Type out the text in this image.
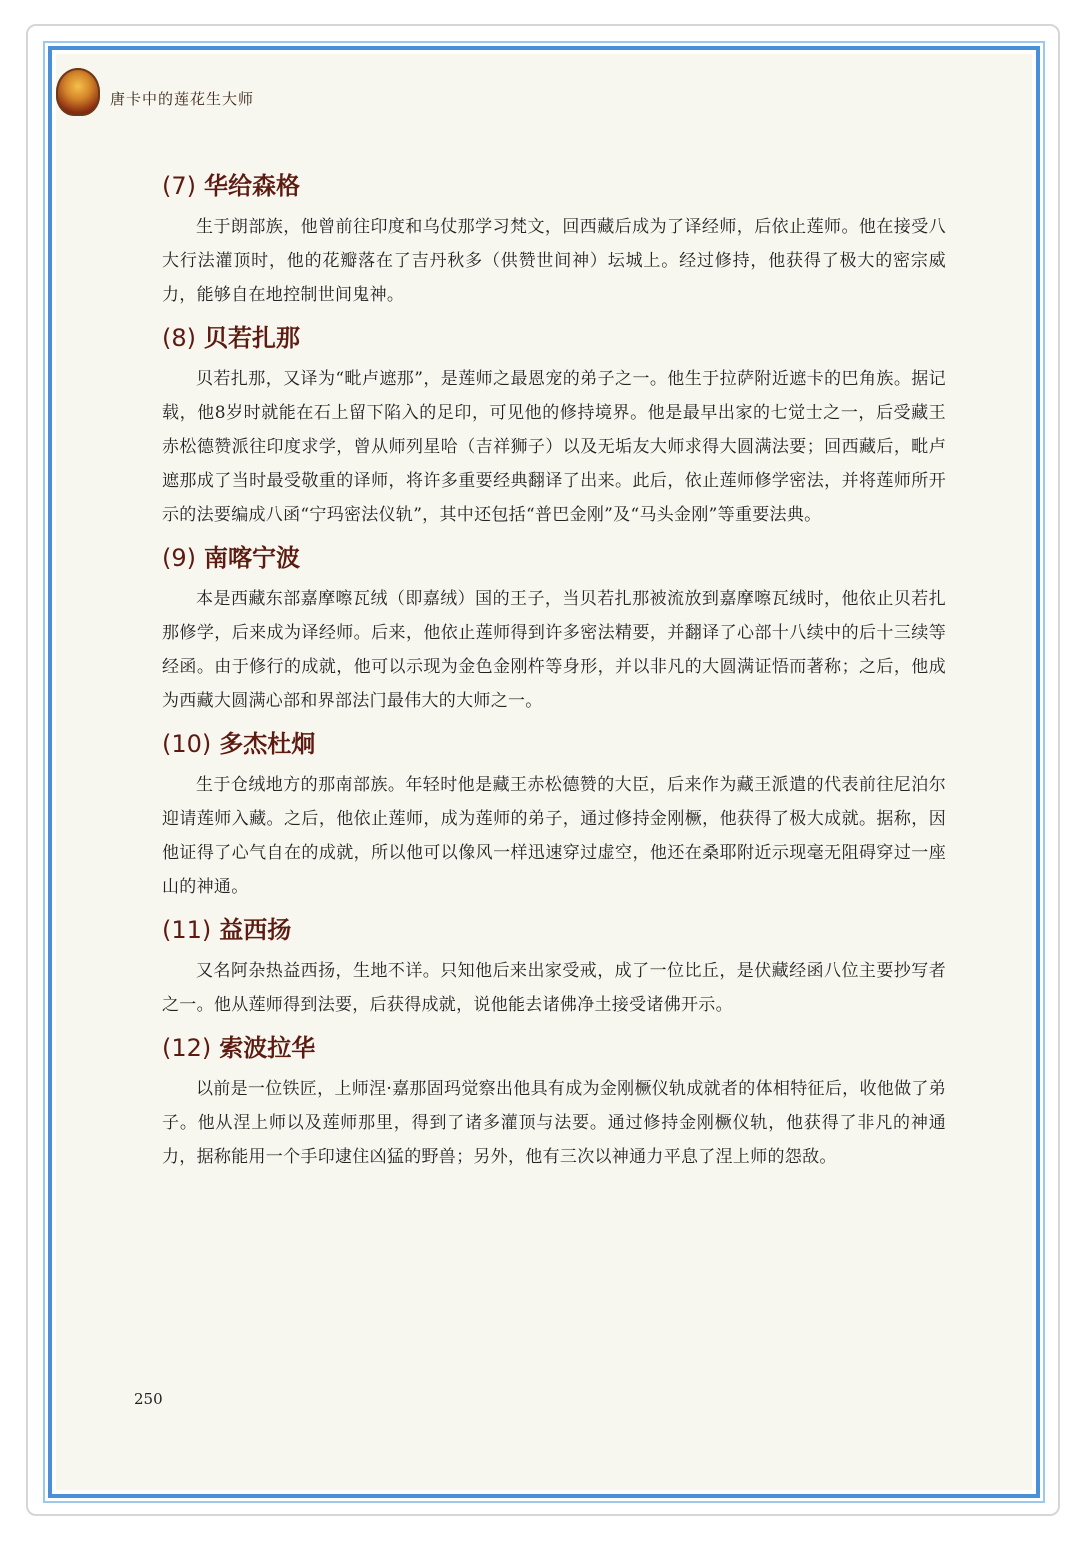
唐卡中的莲花生大师
(7) 华给森格

生于朗部族，他曾前往印度和乌仗那学习梵文，回西藏后成为了译经师，后依止莲师。他在接受八大行法灌顶时，他的花瓣落在了吉丹秋多（供赞世间神）坛城上。经过修持，他获得了极大的密宗威力，能够自在地控制世间鬼神。

(8) 贝若扎那

贝若扎那，又译为“毗卢遮那”，是莲师之最恩宠的弟子之一。他生于拉萨附近遮卡的巴角族。据记载，他8岁时就能在石上留下陷入的足印，可见他的修持境界。他是最早出家的七觉士之一，后受藏王赤松德赞派往印度求学，曾从师列星哈（吉祥狮子）以及无垢友大师求得大圆满法要；回西藏后，毗卢遮那成了当时最受敬重的译师，将许多重要经典翻译了出来。此后，依止莲师修学密法，并将莲师所开示的法要编成八函“宁玛密法仪轨”，其中还包括“普巴金刚”及“马头金刚”等重要法典。

(9) 南喀宁波

本是西藏东部嘉摩嚓瓦绒（即嘉绒）国的王子，当贝若扎那被流放到嘉摩嚓瓦绒时，他依止贝若扎那修学，后来成为译经师。后来，他依止莲师得到许多密法精要，并翻译了心部十八续中的后十三续等经函。由于修行的成就，他可以示现为金色金刚杵等身形，并以非凡的大圆满证悟而著称；之后，他成为西藏大圆满心部和界部法门最伟大的大师之一。

(10) 多杰杜炯

生于仓绒地方的那南部族。年轻时他是藏王赤松德赞的大臣，后来作为藏王派遣的代表前往尼泊尔迎请莲师入藏。之后，他依止莲师，成为莲师的弟子，通过修持金刚橛，他获得了极大成就。据称，因他证得了心气自在的成就，所以他可以像风一样迅速穿过虚空，他还在桑耶附近示现毫无阻碍穿过一座山的神通。

(11) 益西扬

又名阿杂热益西扬，生地不详。只知他后来出家受戒，成了一位比丘，是伏藏经函八位主要抄写者之一。他从莲师得到法要，后获得成就，说他能去诸佛净土接受诸佛开示。

(12) 索波拉华

以前是一位铁匠，上师涅·嘉那固玛觉察出他具有成为金刚橛仪轨成就者的体相特征后，收他做了弟子。他从涅上师以及莲师那里，得到了诸多灌顶与法要。通过修持金刚橛仪轨，他获得了非凡的神通力，据称能用一个手印逮住凶猛的野兽；另外，他有三次以神通力平息了涅上师的怨敌。

250
